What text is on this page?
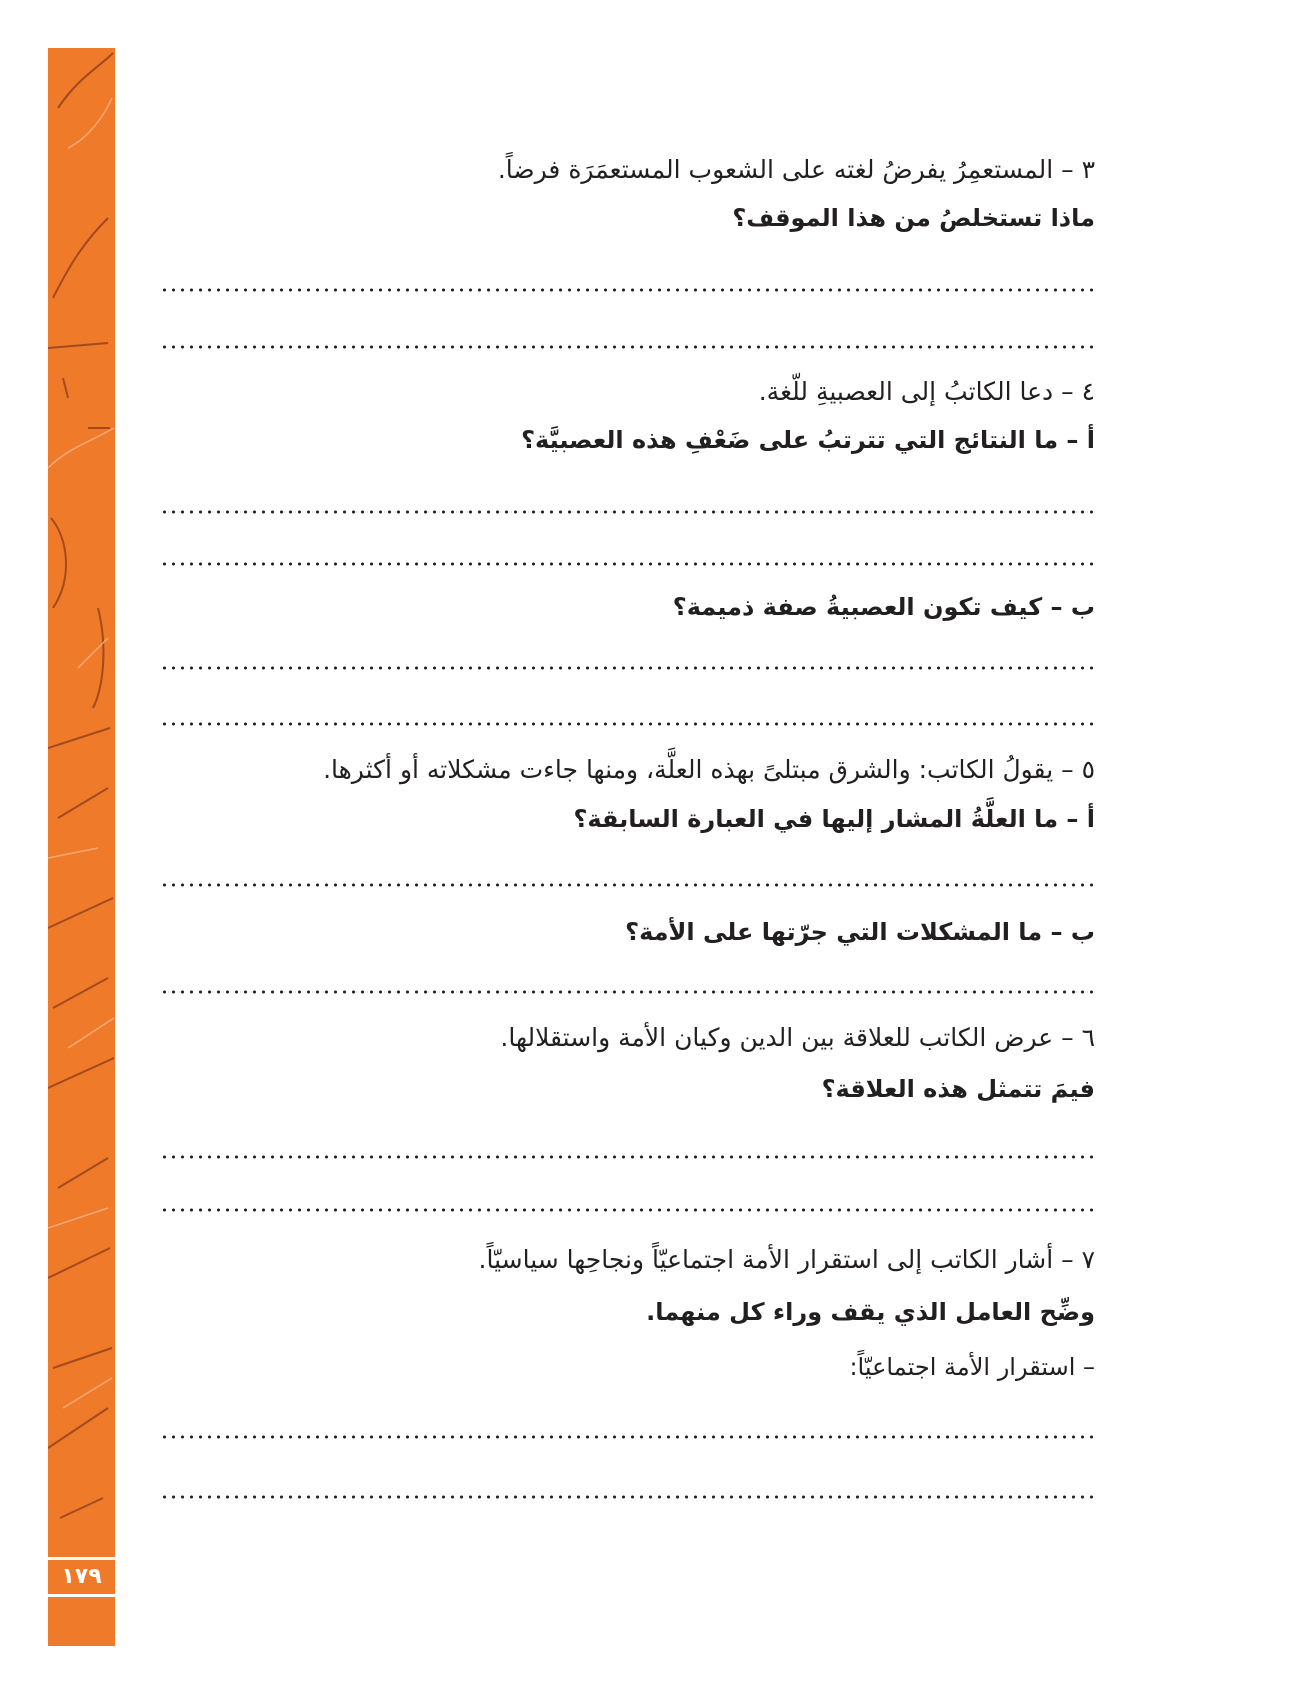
١٧٩
٣ – المستعمِرُ يفرضُ لغته على الشعوب المستعمَرَة فرضاً.
ماذا تستخلصُ من هذا الموقف؟
٤ – دعا الكاتبُ إلى العصبيةِ للّغة.
أ – ما النتائج التي تترتبُ على ضَعْفِ هذه العصبيَّة؟
ب – كيف تكون العصبيةُ صفة ذميمة؟
٥ – يقولُ الكاتب: والشرق مبتلىً بهذه العلَّة، ومنها جاءت مشكلاته أو أكثرها.
أ – ما العلَّةُ المشار إليها في العبارة السابقة؟
ب – ما المشكلات التي جرّتها على الأمة؟
٦ – عرض الكاتب للعلاقة بين الدين وكيان الأمة واستقلالها.
فيمَ تتمثل هذه العلاقة؟
٧ – أشار الكاتب إلى استقرار الأمة اجتماعيّاً ونجاحِها سياسيّاً.
وضِّح العامل الذي يقف وراء كل منهما.
– استقرار الأمة اجتماعيّاً:
